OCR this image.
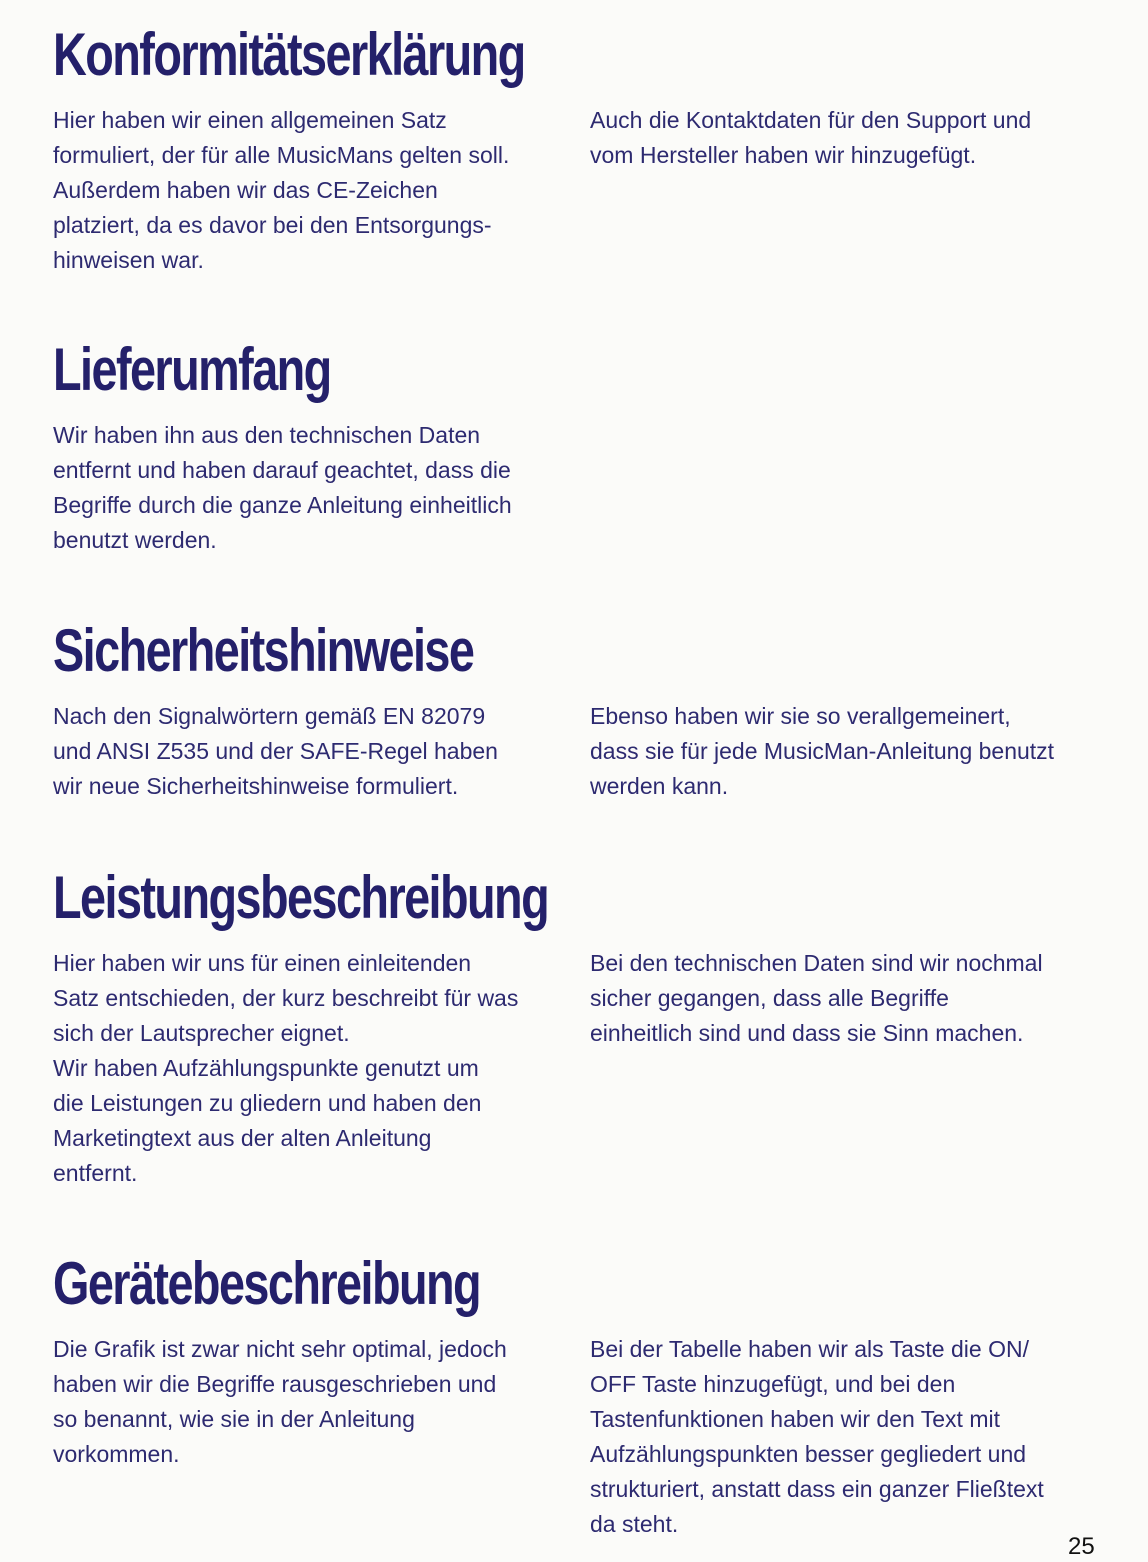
Konformitätserklärung

Hier haben wir einen allgemeinen Satz
formuliert, der für alle MusicMans gelten soll.
Außerdem haben wir das CE-Zeichen
platziert, da es davor bei den Entsorgungs-
hinweisen war.

Auch die Kontaktdaten für den Support und
vom Hersteller haben wir hinzugefügt.

Lieferumfang

Wir haben ihn aus den technischen Daten
entfernt und haben darauf geachtet, dass die
Begriffe durch die ganze Anleitung einheitlich
benutzt werden.

Sicherheitshinweise

Nach den Signalwörtern gemäß EN 82079
und ANSI Z535 und der SAFE-Regel haben
wir neue Sicherheitshinweise formuliert.

Ebenso haben wir sie so verallgemeinert,
dass sie für jede MusicMan-Anleitung benutzt
werden kann.

Leistungsbeschreibung

Hier haben wir uns für einen einleitenden
Satz entschieden, der kurz beschreibt für was
sich der Lautsprecher eignet.
Wir haben Aufzählungspunkte genutzt um
die Leistungen zu gliedern und haben den
Marketingtext aus der alten Anleitung
entfernt.

Bei den technischen Daten sind wir nochmal
sicher gegangen, dass alle Begriffe
einheitlich sind und dass sie Sinn machen.

Gerätebeschreibung

Die Grafik ist zwar nicht sehr optimal, jedoch
haben wir die Begriffe rausgeschrieben und
so benannt, wie sie in der Anleitung
vorkommen.

Bei der Tabelle haben wir als Taste die ON/
OFF Taste hinzugefügt, und bei den
Tastenfunktionen haben wir den Text mit
Aufzählungspunkten besser gegliedert und
strukturiert, anstatt dass ein ganzer Fließtext
da steht.

25
